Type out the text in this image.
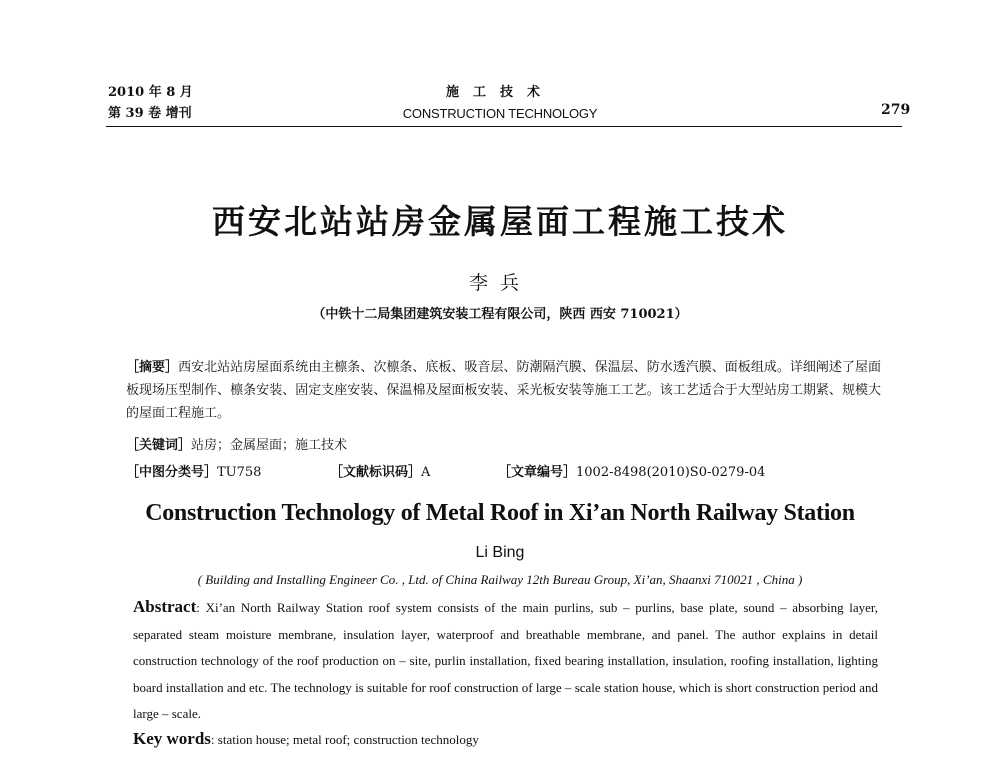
2010 年 8 月
第 39 卷 增刊
施工技术
CONSTRUCTION TECHNOLOGY	279
西安北站站房金属屋面工程施工技术
李兵
（中铁十二局集团建筑安装工程有限公司，陕西 西安 710021）
［摘要］西安北站站房屋面系统由主檩条、次檩条、底板、吸音层、防潮隔汽膜、保温层、防水透汽膜、面板组成。详细阐述了屋面板现场压型制作、檩条安装、固定支座安装、保温棉及屋面板安装、采光板安装等施工工艺。该工艺适合于大型站房工期紧、规模大的屋面工程施工。
［关键词］站房；金属屋面；施工技术
［中图分类号］TU758	［文献标识码］A	［文章编号］1002-8498(2010)S0-0279-04
Construction Technology of Metal Roof in Xi’an North Railway Station
Li Bing
( Building and Installing Engineer Co. , Ltd. of China Railway 12th Bureau Group, Xi’an, Shaanxi 710021 , China )
Abstract: Xi’an North Railway Station roof system consists of the main purlins, sub – purlins, base plate, sound – absorbing layer, separated steam moisture membrane, insulation layer, waterproof and breathable membrane, and panel. The author explains in detail construction technology of the roof production on – site, purlin installation, fixed bearing installation, insulation, roofing installation, lighting board installation and etc. The technology is suitable for roof construction of large – scale station house, which is short construction period and large – scale.
Key words: station house; metal roof; construction technology
